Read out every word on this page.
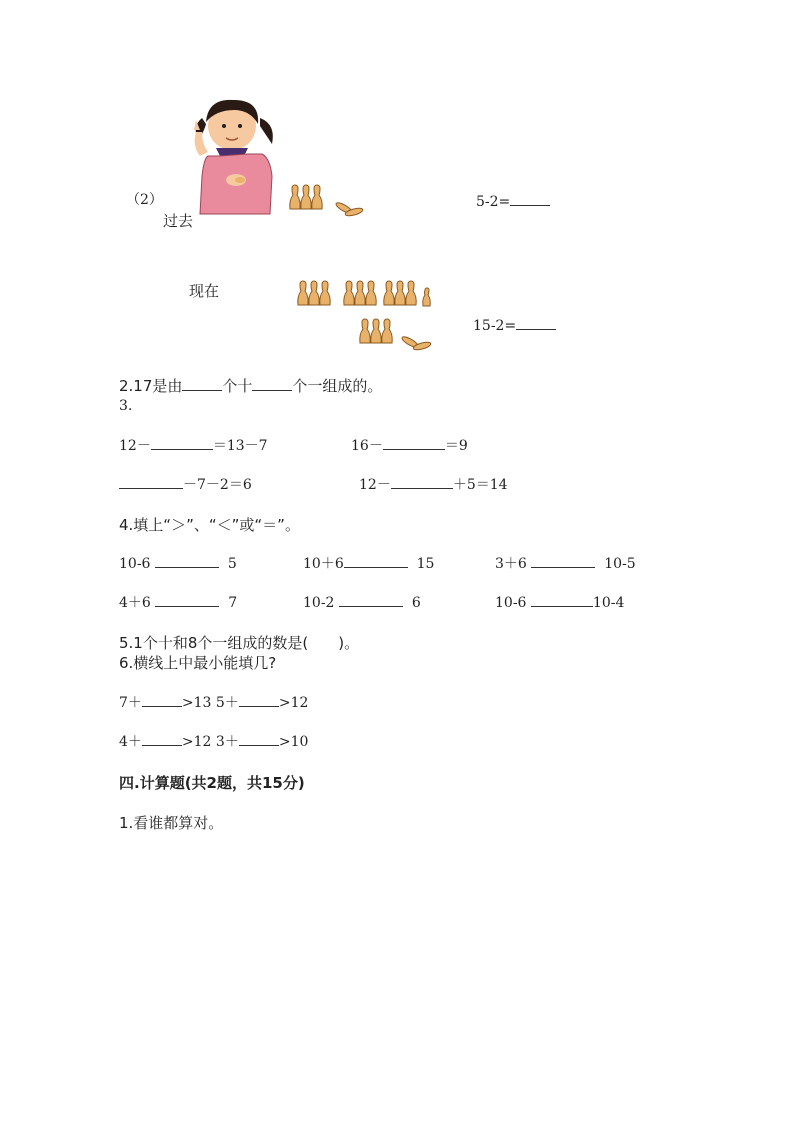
（2）
过去
5-2=
现在
15-2=
2.17是由	个十	个一组成的。
3.
12－	＝13－7	16－	＝9
－7－2＝6	12－	＋5＝14
4.填上“＞”、“＜”或“＝”。
10-6	5	10＋6	15	3＋6	10-5
4＋6	7	10-2	6	10-6	10-4
5.1个十和8个一组成的数是(　　)。
6.横线上中最小能填几?
7＋	>13 5＋	>12
4＋	>12 3＋	>10
四.计算题(共2题，共15分)
1.看谁都算对。
